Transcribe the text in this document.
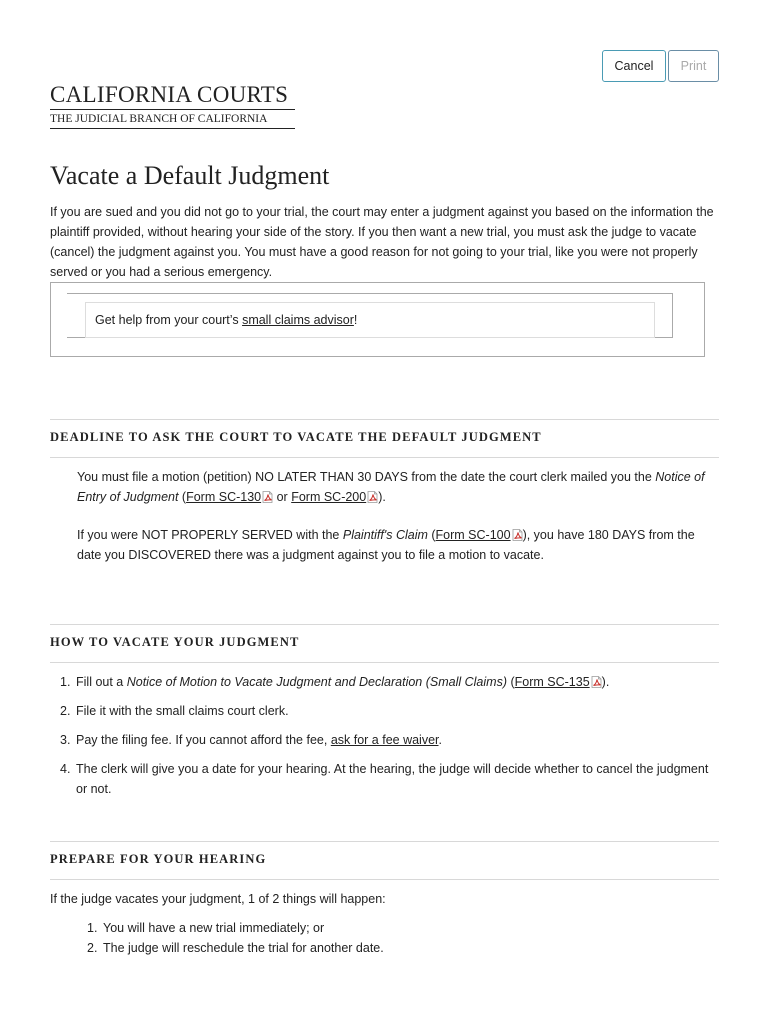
Cancel	Print
CALIFORNIA COURTS
THE JUDICIAL BRANCH OF CALIFORNIA
Vacate a Default Judgment

If you are sued and you did not go to your trial, the court may enter a judgment against you based on the information the plaintiff provided, without hearing your side of the story. If you then want a new trial, you must ask the judge to vacate (cancel) the judgment against you. You must have a good reason for not going to your trial, like you were not properly served or you had a serious emergency.

Get help from your court’s small claims advisor!
DEADLINE TO ASK THE COURT TO VACATE THE DEFAULT JUDGMENT

You must file a motion (petition) NO LATER THAN 30 DAYS from the date the court clerk mailed you the Notice of Entry of Judgment (Form SC-130 or Form SC-200 ).

If you were NOT PROPERLY SERVED with the Plaintiff's Claim (Form SC-100 ), you have 180 DAYS from the date you DISCOVERED there was a judgment against you to file a motion to vacate.

HOW TO VACATE YOUR JUDGMENT
1. Fill out a Notice of Motion to Vacate Judgment and Declaration (Small Claims) (Form SC-135 ).
2. File it with the small claims court clerk.
3. Pay the filing fee. If you cannot afford the fee, ask for a fee waiver.
4. The clerk will give you a date for your hearing. At the hearing, the judge will decide whether to cancel the judgment or not.
PREPARE FOR YOUR HEARING

If the judge vacates your judgment, 1 of 2 things will happen:

1. You will have a new trial immediately; or
2. The judge will reschedule the trial for another date.
